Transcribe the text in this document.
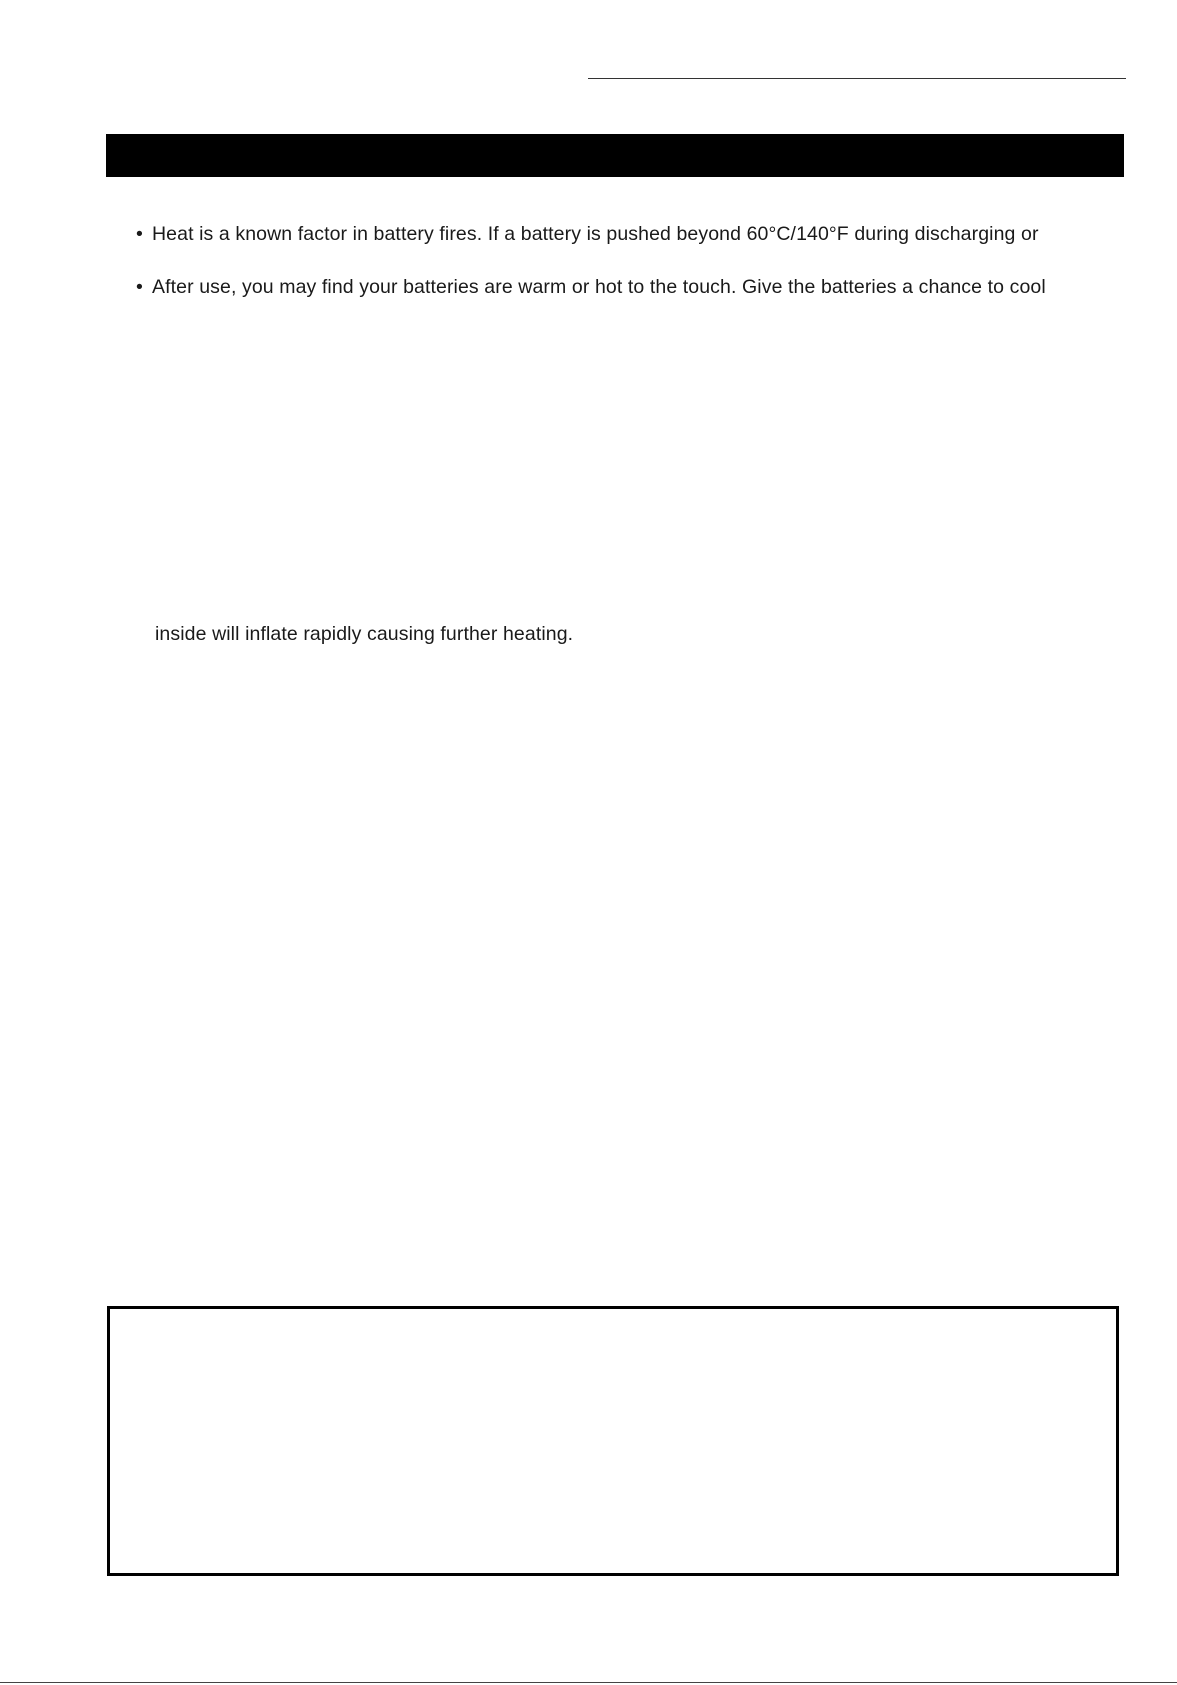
• Heat is a known factor in battery fires. If a battery is pushed beyond 60°C/140°F during discharging or
• After use, you may find your batteries are warm or hot to the touch. Give the batteries a chance to cool
inside will inflate rapidly causing further heating.
